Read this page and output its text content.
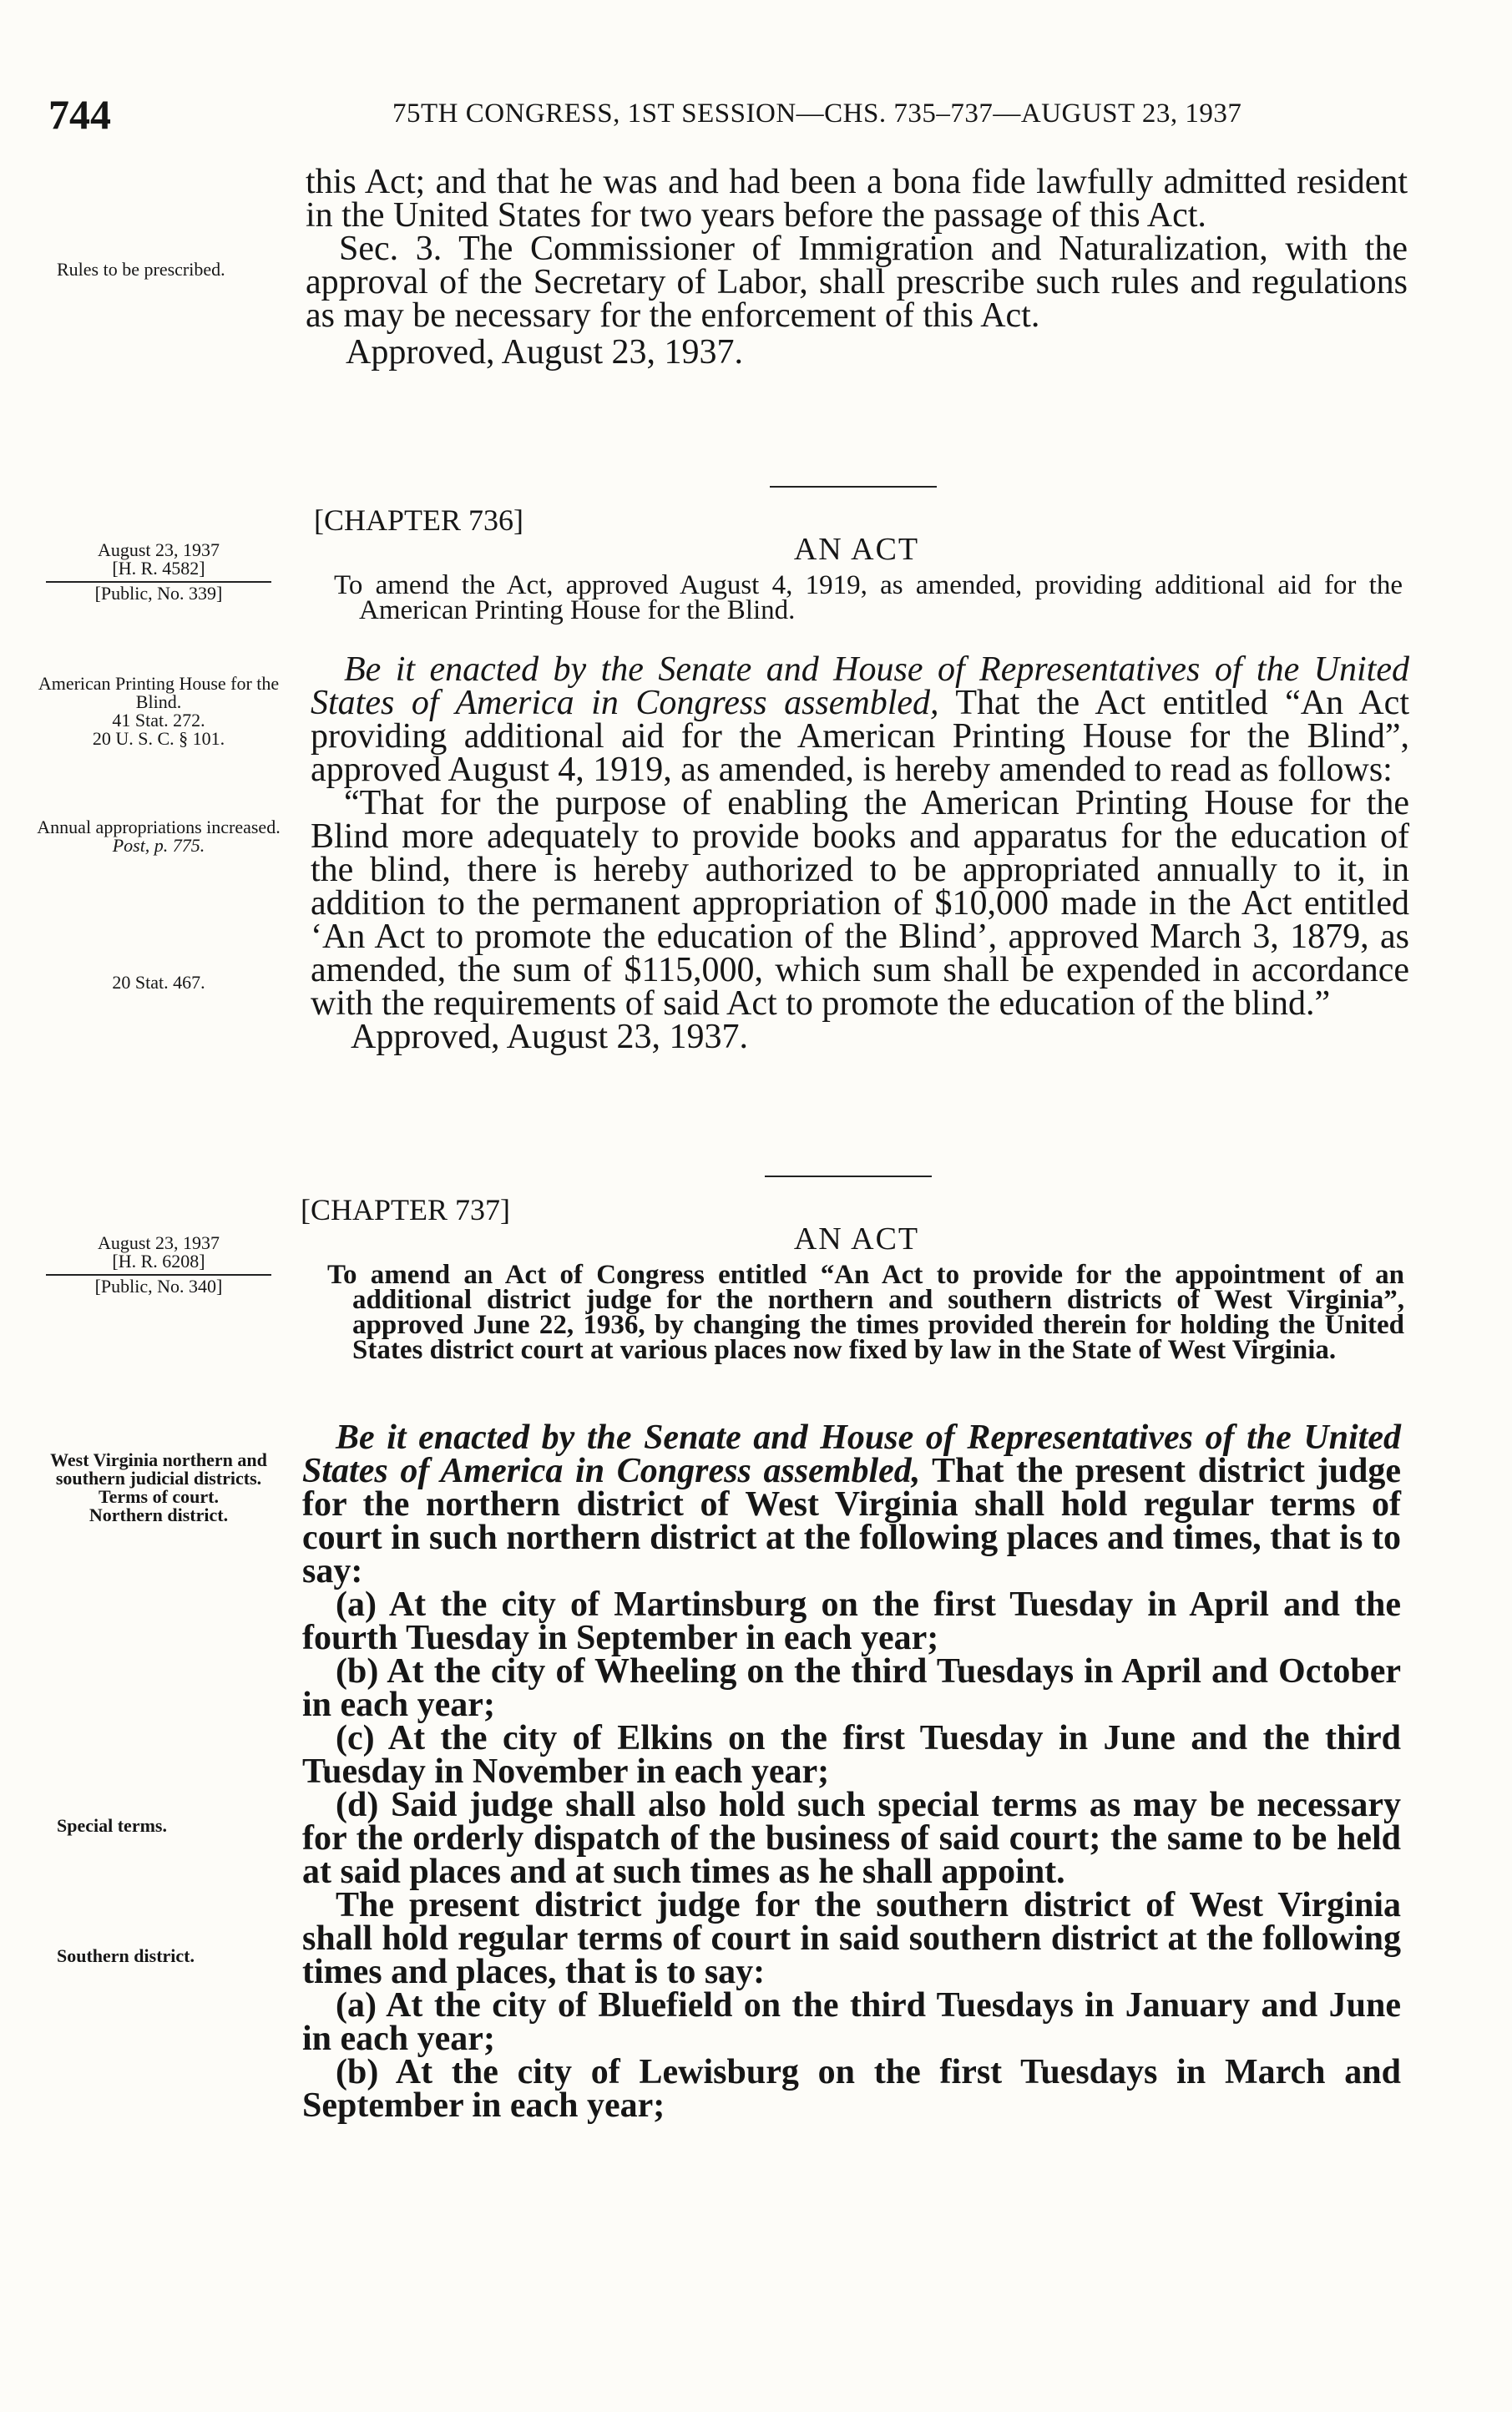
744	75TH CONGRESS, 1ST SESSION—CHS. 735–737—AUGUST 23, 1937

this Act; and that he was and had been a bona fide lawfully admitted resident in the United States for two years before the passage of this Act.

Sec. 3. The Commissioner of Immigration and Naturalization, with the approval of the Secretary of Labor, shall prescribe such rules and regulations as may be necessary for the enforcement of this Act.

Approved, August 23, 1937.
Rules to be prescribed.
[CHAPTER 736]
AN ACT
August 23, 1937
[H. R. 4582]
[Public, No. 339]	To amend the Act, approved August 4, 1919, as amended, providing additional aid for the American Printing House for the Blind.

Be it enacted by the Senate and House of Representatives of the United States of America in Congress assembled, That the Act entitled “An Act providing additional aid for the American Printing House for the Blind”, approved August 4, 1919, as amended, is hereby amended to read as follows:

“That for the purpose of enabling the American Printing House for the Blind more adequately to provide books and apparatus for the education of the blind, there is hereby authorized to be appropriated annually to it, in addition to the permanent appropriation of $10,000 made in the Act entitled ‘An Act to promote the education of the Blind’, approved March 3, 1879, as amended, the sum of $115,000, which sum shall be expended in accordance with the requirements of said Act to promote the education of the blind.”

Approved, August 23, 1937.
American Printing House for the Blind.
41 Stat. 272.
20 U. S. C. § 101.
Annual appropriations increased.
Post, p. 775.
20 Stat. 467.
[CHAPTER 737]
AN ACT
August 23, 1937
[H. R. 6208]
[Public, No. 340]	To amend an Act of Congress entitled “An Act to provide for the appointment of an additional district judge for the northern and southern districts of West Virginia”, approved June 22, 1936, by changing the times provided therein for holding the United States district court at various places now fixed by law in the State of West Virginia.

Be it enacted by the Senate and House of Representatives of the United States of America in Congress assembled, That the present district judge for the northern district of West Virginia shall hold regular terms of court in such northern district at the following places and times, that is to say:

(a) At the city of Martinsburg on the first Tuesday in April and the fourth Tuesday in September in each year;

(b) At the city of Wheeling on the third Tuesdays in April and October in each year;

(c) At the city of Elkins on the first Tuesday in June and the third Tuesday in November in each year;

(d) Said judge shall also hold such special terms as may be necessary for the orderly dispatch of the business of said court; the same to be held at said places and at such times as he shall appoint.

The present district judge for the southern district of West Virginia shall hold regular terms of court in said southern district at the following times and places, that is to say:

(a) At the city of Bluefield on the third Tuesdays in January and June in each year;

(b) At the city of Lewisburg on the first Tuesdays in March and September in each year;

West Virginia northern and southern judicial districts.
Terms of court.
Northern district.
Special terms.
Southern district.
